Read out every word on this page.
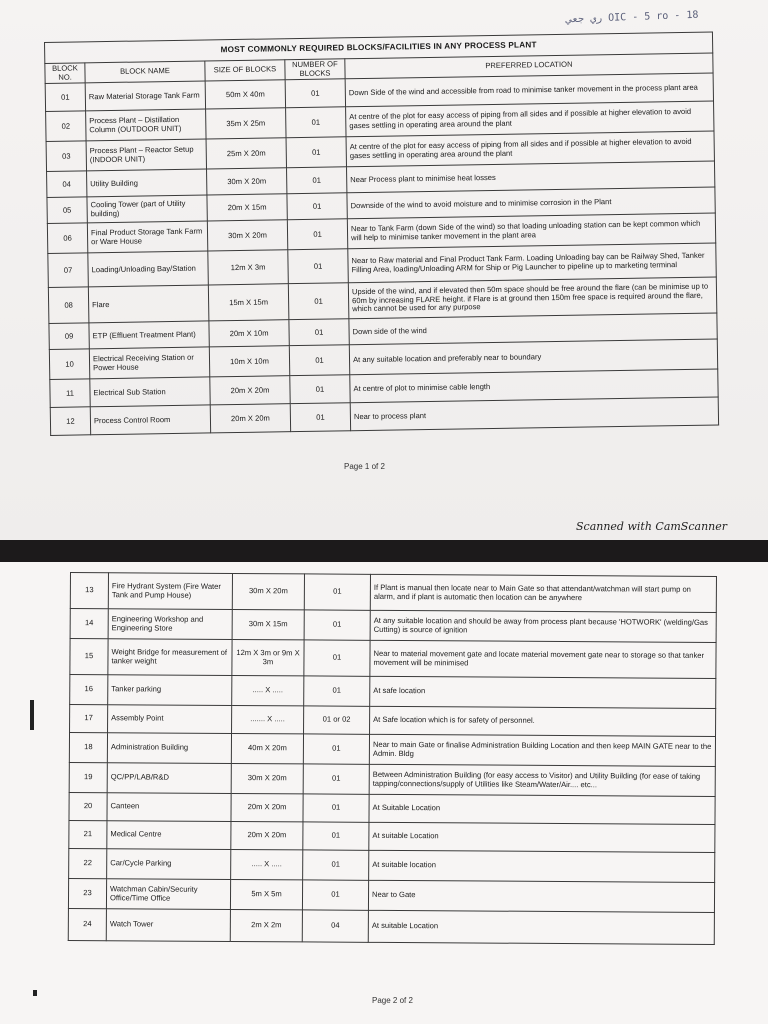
ري جعي OIC - 5 ro - 18
MOST COMMONLY REQUIRED BLOCKS/FACILITIES IN ANY PROCESS PLANT				
BLOCK NO.	BLOCK NAME	SIZE OF BLOCKS	NUMBER OF BLOCKS	PREFERRED LOCATION
01	Raw Material Storage Tank Farm	50m X 40m	01	Down Side of the wind and accessible from road to minimise tanker movement in the process plant area
02	Process Plant – Distillation Column (OUTDOOR UNIT)	35m X 25m	01	At centre of the plot for easy access of piping from all sides and if possible at higher elevation to avoid gases settling in operating area around the plant
03	Process Plant – Reactor Setup (INDOOR UNIT)	25m X 20m	01	At centre of the plot for easy access of piping from all sides and if possible at higher elevation to avoid gases settling in operating area around the plant
04	Utility Building	30m X 20m	01	Near Process plant to minimise heat losses
05	Cooling Tower (part of Utility building)	20m X 15m	01	Downside of the wind to avoid moisture and to minimise corrosion in the Plant
06	Final Product Storage Tank Farm or Ware House	30m X 20m	01	Near to Tank Farm (down Side of the wind) so that loading unloading station can be kept common which will help to minimise tanker movement in the plant area
07	Loading/Unloading Bay/Station	12m X 3m	01	Near to Raw material and Final Product Tank Farm. Loading Unloading bay can be Railway Shed, Tanker Filling Area, loading/Unloading ARM for Ship or Pig Launcher to pipeline up to marketing terminal
08	Flare	15m X 15m	01	Upside of the wind, and if elevated then 50m space should be free around the flare (can be minimise up to 60m by increasing FLARE height. if Flare is at ground then 150m free space is required around the flare, which cannot be used for any purpose
09	ETP (Effluent Treatment Plant)	20m X 10m	01	Down side of the wind
10	Electrical Receiving Station or Power House	10m X 10m	01	At any suitable location and preferably near to boundary
11	Electrical Sub Station	20m X 20m	01	At centre of plot to minimise cable length
12	Process Control Room	20m X 20m	01	Near to process plant
Page 1 of 2
Scanned with CamScanner
13	Fire Hydrant System (Fire Water Tank and Pump House)	30m X 20m	01	If Plant is manual then locate near to Main Gate so that attendant/watchman will start pump on alarm, and if plant is automatic then location can be anywhere
14	Engineering Workshop and Engineering Store	30m X 15m	01	At any suitable location and should be away from process plant because 'HOTWORK' (welding/Gas Cutting) is source of ignition
15	Weight Bridge for measurement of tanker weight	12m X 3m or 9m X 3m	01	Near to material movement gate and locate material movement gate near to storage so that tanker movement will be minimised
16	Tanker parking	..... X .....	01	At safe location
17	Assembly Point	....... X .....	01 or 02	At Safe location which is for safety of personnel.
18	Administration Building	40m X 20m	01	Near to main Gate or finalise Administration Building Location and then keep MAIN GATE near to the Admin. Bldg
19	QC/PP/LAB/R&D	30m X 20m	01	Between Administration Building (for easy access to Visitor) and Utility Building (for ease of taking tapping/connections/supply of Utilities like Steam/Water/Air.... etc...
20	Canteen	20m X 20m	01	At Suitable Location
21	Medical Centre	20m X 20m	01	At suitable Location
22	Car/Cycle Parking	..... X .....	01	At suitable location
23	Watchman Cabin/Security Office/Time Office	5m X 5m	01	Near to Gate
24	Watch Tower	2m X 2m	04	At suitable Location
Page 2 of 2
